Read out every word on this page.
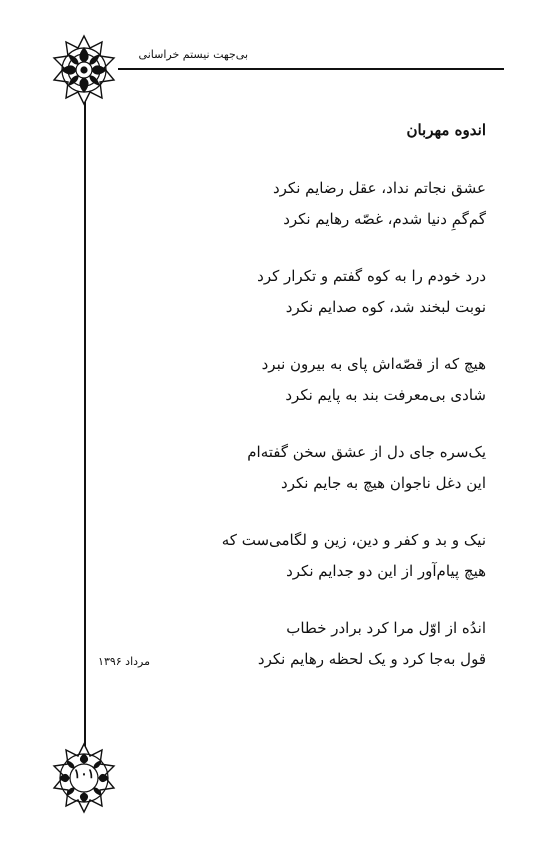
بی‌جهت نیستم خراسانی
اندوه مهربان
عشق نجاتم نداد، عقل رضایم نکرد
گم‌گمِ دنیا شدم، غصّه رهایم نکرد
درد خودم را به کوه گفتم و تکرار کرد
نوبت لبخند شد، کوه صدایم نکرد
هیچ که از قصّه‌اش پای به بیرون نبرد
شادی بی‌معرفت بند به پایم نکرد
یک‌سره جای دل از عشق سخن گفته‌ام
این دغل ناجوان هیچ به جایم نکرد
نیک و بد و کفر و دین، زین و لگامی‌ست که
هیچ پیام‌آور از این دو جدایم نکرد
اندُه از اوّل مرا کرد برادر خطاب
قول به‌جا کرد و یک لحظه رهایم نکرد
مرداد ۱۳۹۶
۱۰۱
